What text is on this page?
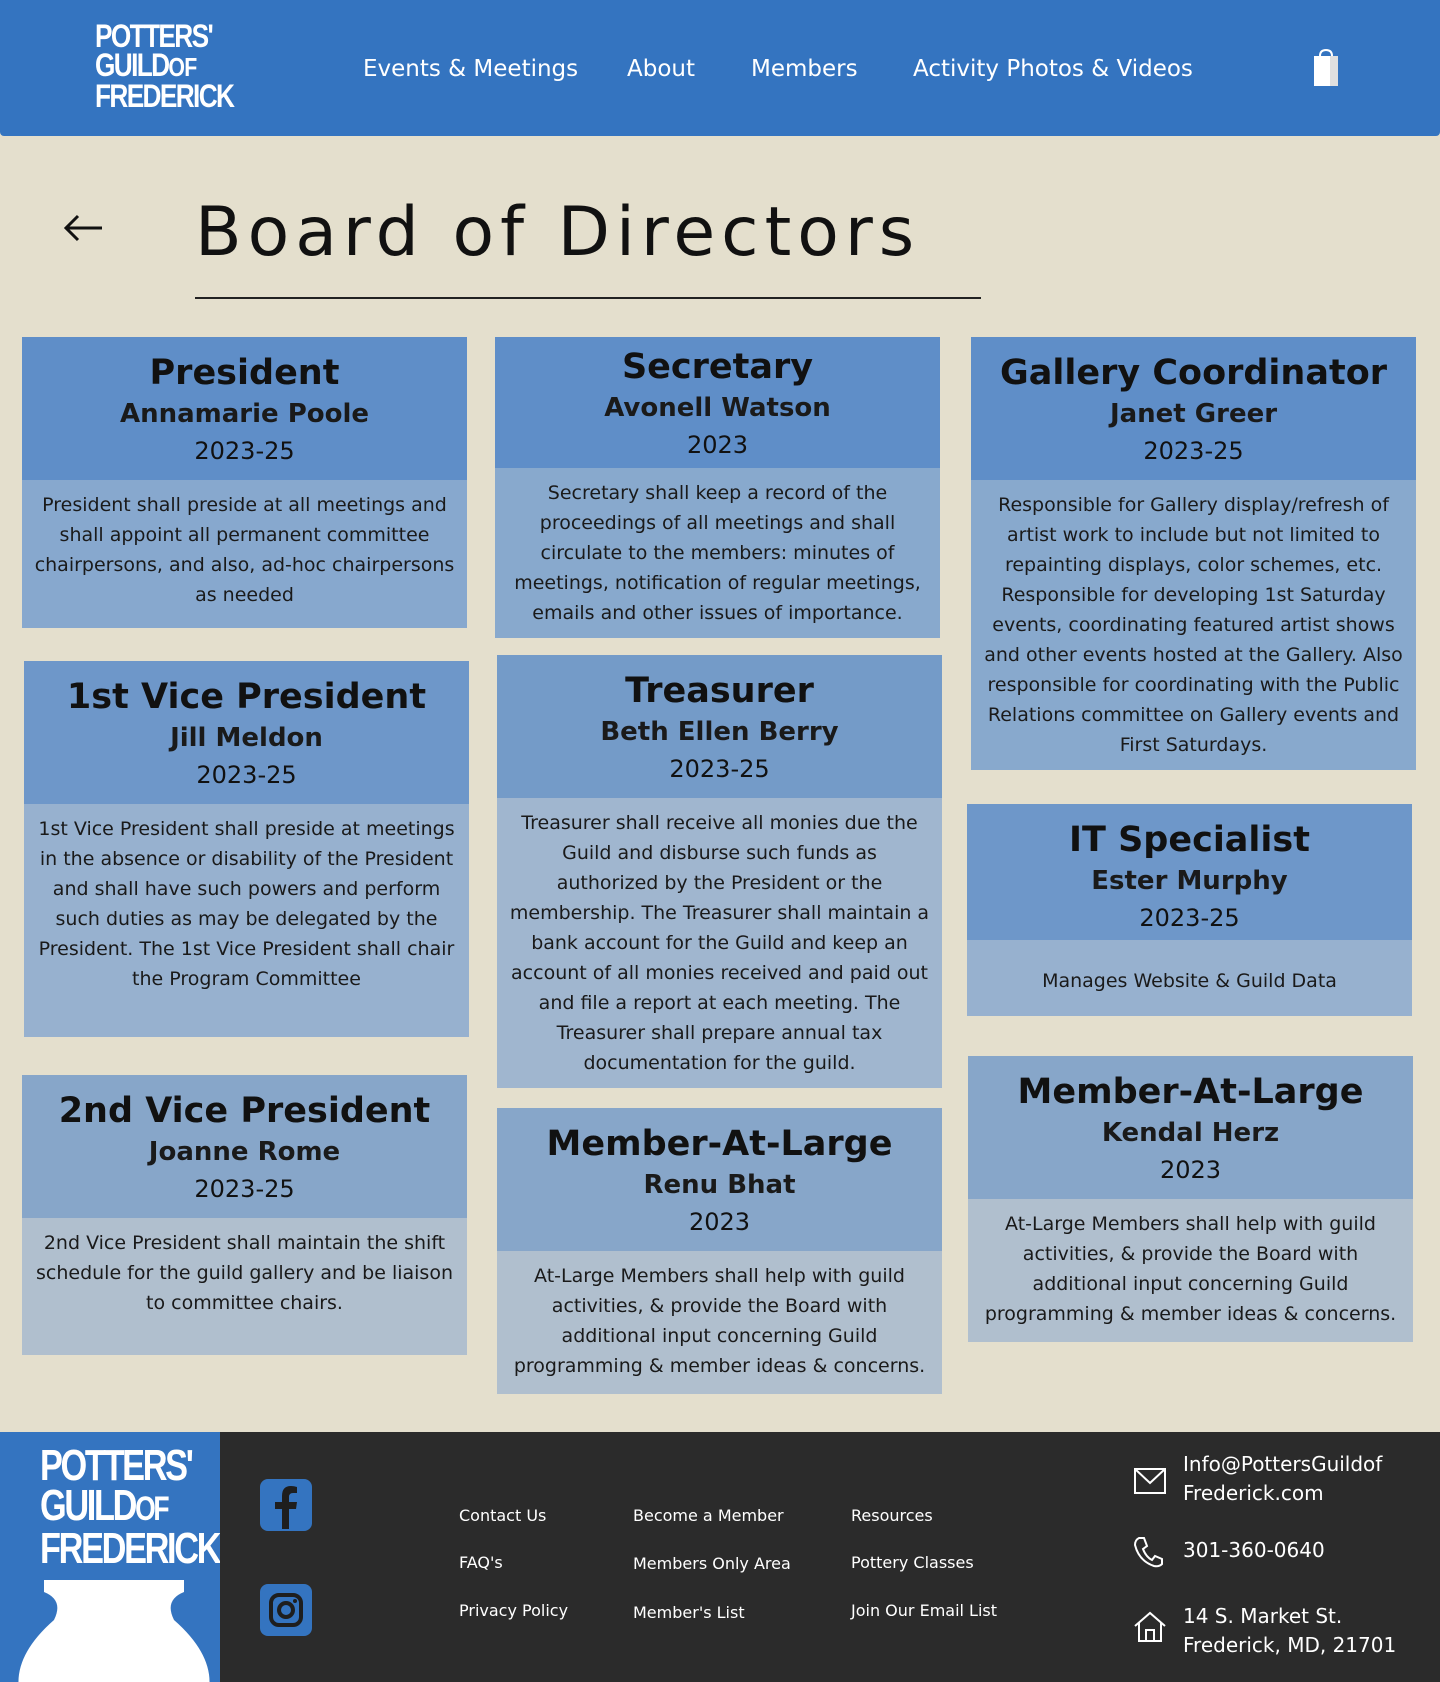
POTTERS'
GUILDOF
FREDERICK
Events & Meetings About Members Activity Photos & Videos
Board of Directors
President
Annamarie Poole
2023-25
President shall preside at all meetings and shall appoint all permanent committee chairpersons, and also, ad-hoc chairpersons as needed
Secretary
Avonell Watson
2023
Secretary shall keep a record of the proceedings of all meetings and shall circulate to the members: minutes of meetings, notification of regular meetings, emails and other issues of importance.
Gallery Coordinator
Janet Greer
2023-25
Responsible for Gallery display/refresh of artist work to include but not limited to repainting displays, color schemes, etc. Responsible for developing 1st Saturday events, coordinating featured artist shows and other events hosted at the Gallery. Also responsible for coordinating with the Public Relations committee on Gallery events and First Saturdays.
1st Vice President
Jill Meldon
2023-25
1st Vice President shall preside at meetings in the absence or disability of the President and shall have such powers and perform such duties as may be delegated by the President. The 1st Vice President shall chair the Program Committee
Treasurer
Beth Ellen Berry
2023-25
Treasurer shall receive all monies due the Guild and disburse such funds as authorized by the President or the membership. The Treasurer shall maintain a bank account for the Guild and keep an account of all monies received and paid out and file a report at each meeting. The Treasurer shall prepare annual tax documentation for the guild.
IT Specialist
Ester Murphy
2023-25
Manages Website & Guild Data
2nd Vice President
Joanne Rome
2023-25
2nd Vice President shall maintain the shift schedule for the guild gallery and be liaison to committee chairs.
Member-At-Large
Renu Bhat
2023
At-Large Members shall help with guild activities, & provide the Board with additional input concerning Guild programming & member ideas & concerns.
Member-At-Large
Kendal Herz
2023
At-Large Members shall help with guild activities, & provide the Board with additional input concerning Guild programming & member ideas & concerns.
POTTERS'
GUILDOF
FREDERICK
Contact Us
FAQ's
Privacy Policy
Become a Member
Members Only Area
Member's List
Resources
Pottery Classes
Join Our Email List
Info@PottersGuildof
Frederick.com
301-360-0640
14 S. Market St.
Frederick, MD, 21701
